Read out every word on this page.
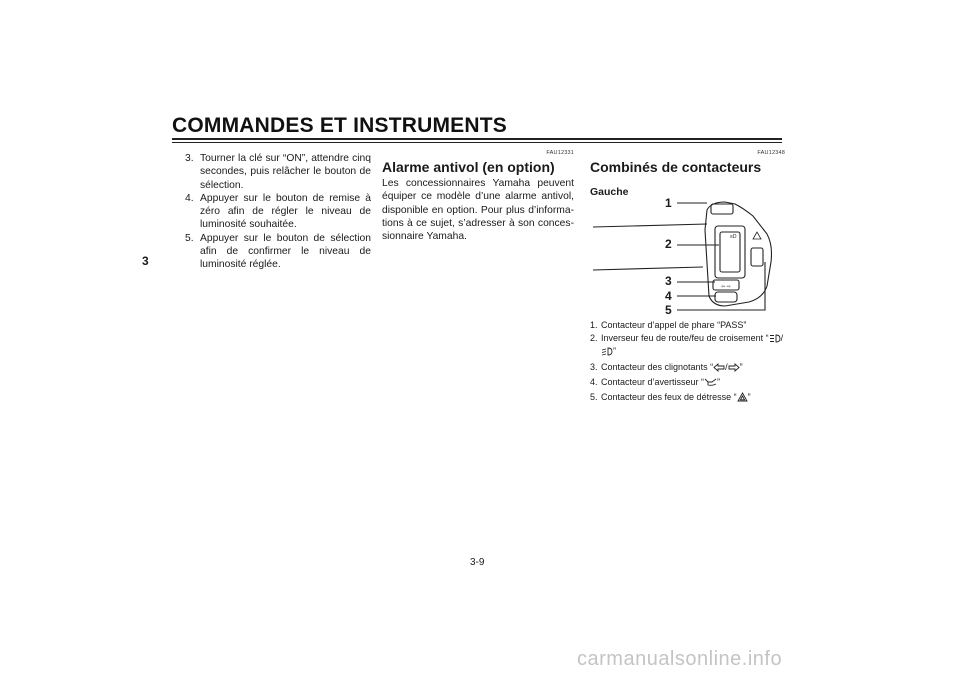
COMMANDES ET INSTRUMENTS
3
3. Tourner la clé sur “ON”, attendre cinq secondes, puis relâcher le bouton de sélection.
4. Appuyer sur le bouton de remise à zéro afin de régler le niveau de luminosité souhaitée.
5. Appuyer sur le bouton de sélection afin de confirmer le niveau de luminosité réglée.
FAU12331
Alarme antivol (en option)

Les concessionnaires Yamaha peuvent équiper ce modèle d’une alarme antivol, disponible en option. Pour plus d’informations à ce sujet, s’adresser à son concessionnaire Yamaha.

FAU12348
Combinés de contacteurs
Gauche
≡D
⇦ ⇨
1
2
3
4
5
1. Contacteur d’appel de phare “PASS”
2. Inverseur feu de route/feu de croisement “ /”
3. Contacteur des clignotants “ / ”
4. Contacteur d’avertisseur “ ”
5. Contacteur des feux de détresse “ ”
3-9
carmanualsonline.info
